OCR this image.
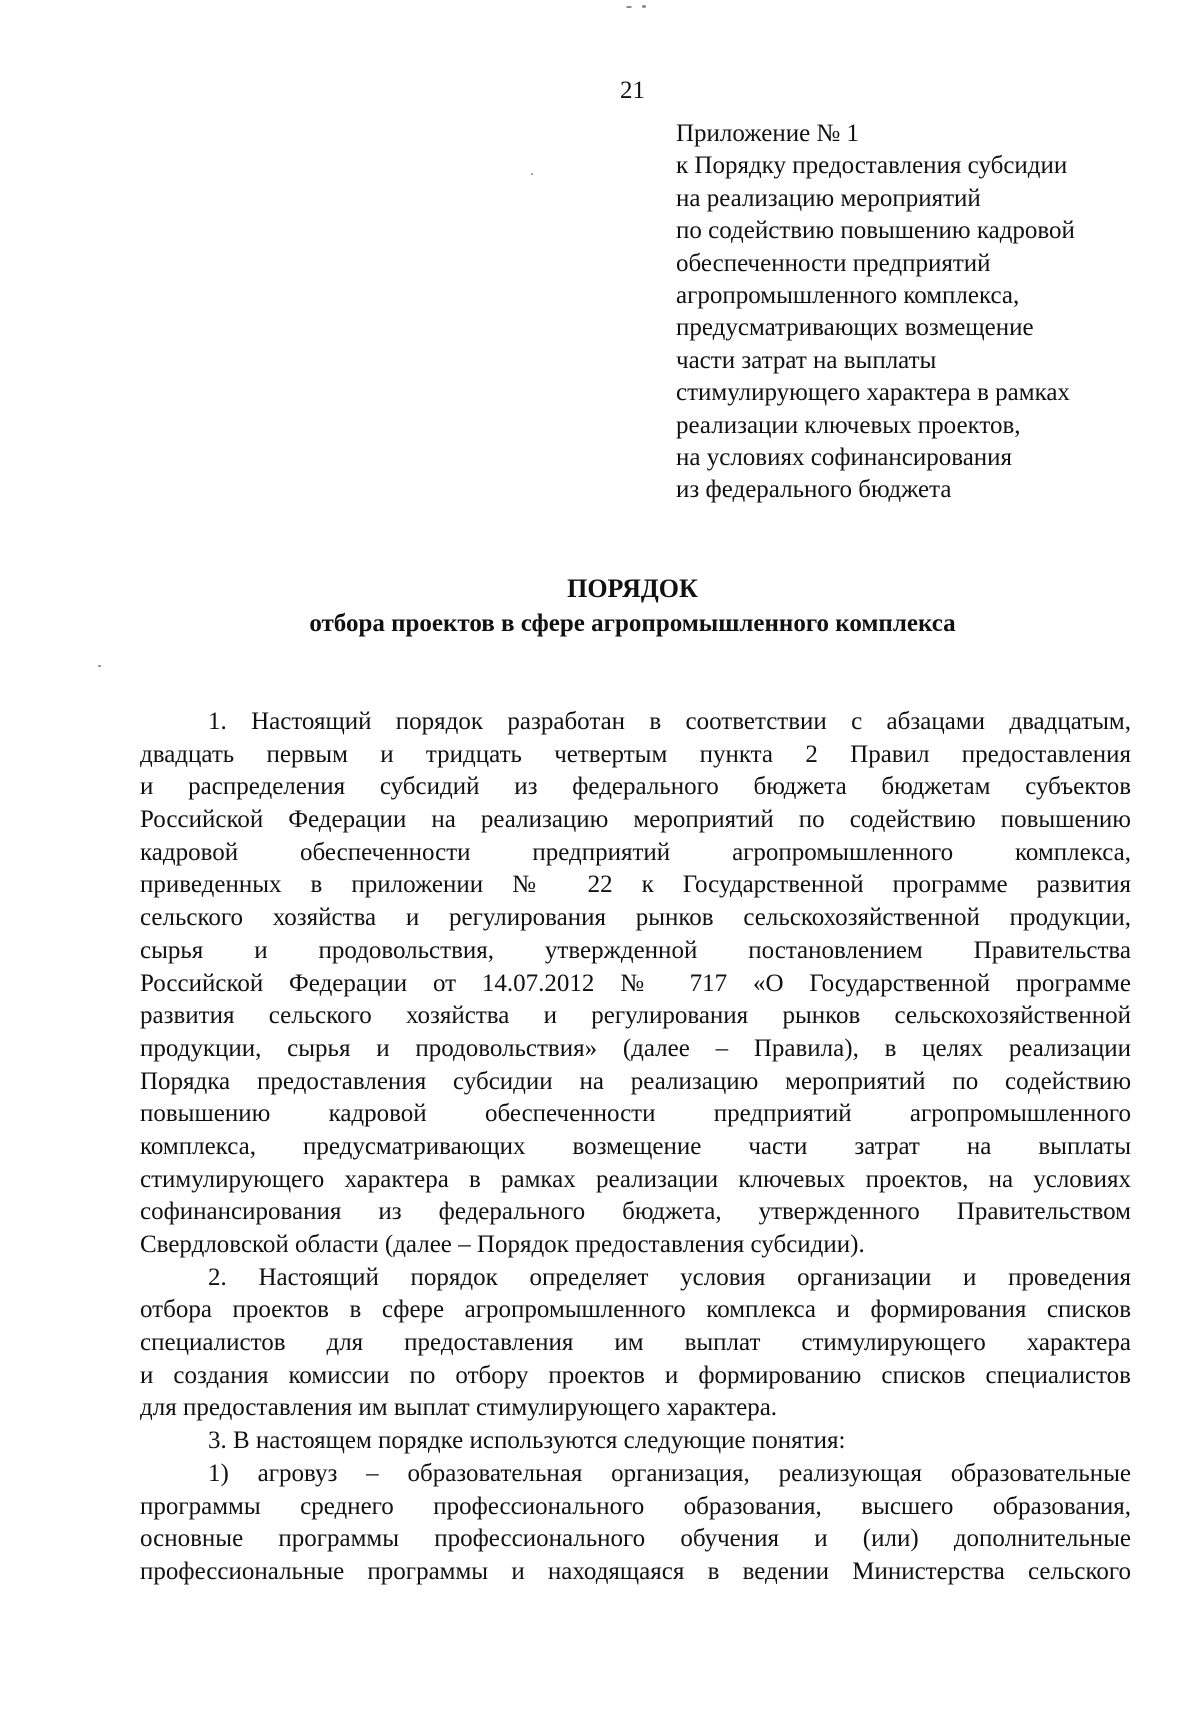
21
Приложение № 1
к Порядку предоставления субсидии
на реализацию мероприятий
по содействию повышению кадровой
обеспеченности предприятий
агропромышленного комплекса,
предусматривающих возмещение
части затрат на выплаты
стимулирующего характера в рамках
реализации ключевых проектов,
на условиях софинансирования
из федерального бюджета
ПОРЯДОК
отбора проектов в сфере агропромышленного комплекса
1. Настоящий порядок разработан в соответствии с абзацами двадцатым,
двадцать первым и тридцать четвертым пункта 2 Правил предоставления
и распределения субсидий из федерального бюджета бюджетам субъектов
Российской Федерации на реализацию мероприятий по содействию повышению
кадровой обеспеченности предприятий агропромышленного комплекса,
приведенных в приложении № 22 к Государственной программе развития
сельского хозяйства и регулирования рынков сельскохозяйственной продукции,
сырья и продовольствия, утвержденной постановлением Правительства
Российской Федерации от 14.07.2012 № 717 «О Государственной программе
развития сельского хозяйства и регулирования рынков сельскохозяйственной
продукции, сырья и продовольствия» (далее – Правила), в целях реализации
Порядка предоставления субсидии на реализацию мероприятий по содействию
повышению кадровой обеспеченности предприятий агропромышленного
комплекса, предусматривающих возмещение части затрат на выплаты
стимулирующего характера в рамках реализации ключевых проектов, на условиях
софинансирования из федерального бюджета, утвержденного Правительством
Свердловской области (далее – Порядок предоставления субсидии).
2. Настоящий порядок определяет условия организации и проведения
отбора проектов в сфере агропромышленного комплекса и формирования списков
специалистов для предоставления им выплат стимулирующего характера
и создания комиссии по отбору проектов и формированию списков специалистов
для предоставления им выплат стимулирующего характера.
3. В настоящем порядке используются следующие понятия:
1) агровуз – образовательная организация, реализующая образовательные
программы среднего профессионального образования, высшего образования,
основные программы профессионального обучения и (или) дополнительные
профессиональные программы и находящаяся в ведении Министерства сельского
